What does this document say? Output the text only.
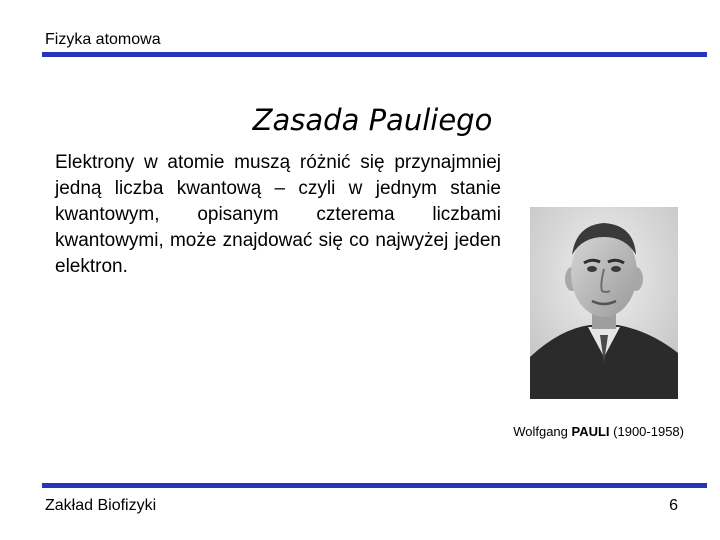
Fizyka atomowa
Zasada Pauliego

Elektrony w atomie muszą różnić się przynajmniej jedną liczba kwantową – czyli w jednym stanie kwantowym, opisanym czterema liczbami kwantowymi, może znajdować się co najwyżej jeden elektron.

Wolfgang PAULI (1900-1958)
Zakład Biofizyki	6
